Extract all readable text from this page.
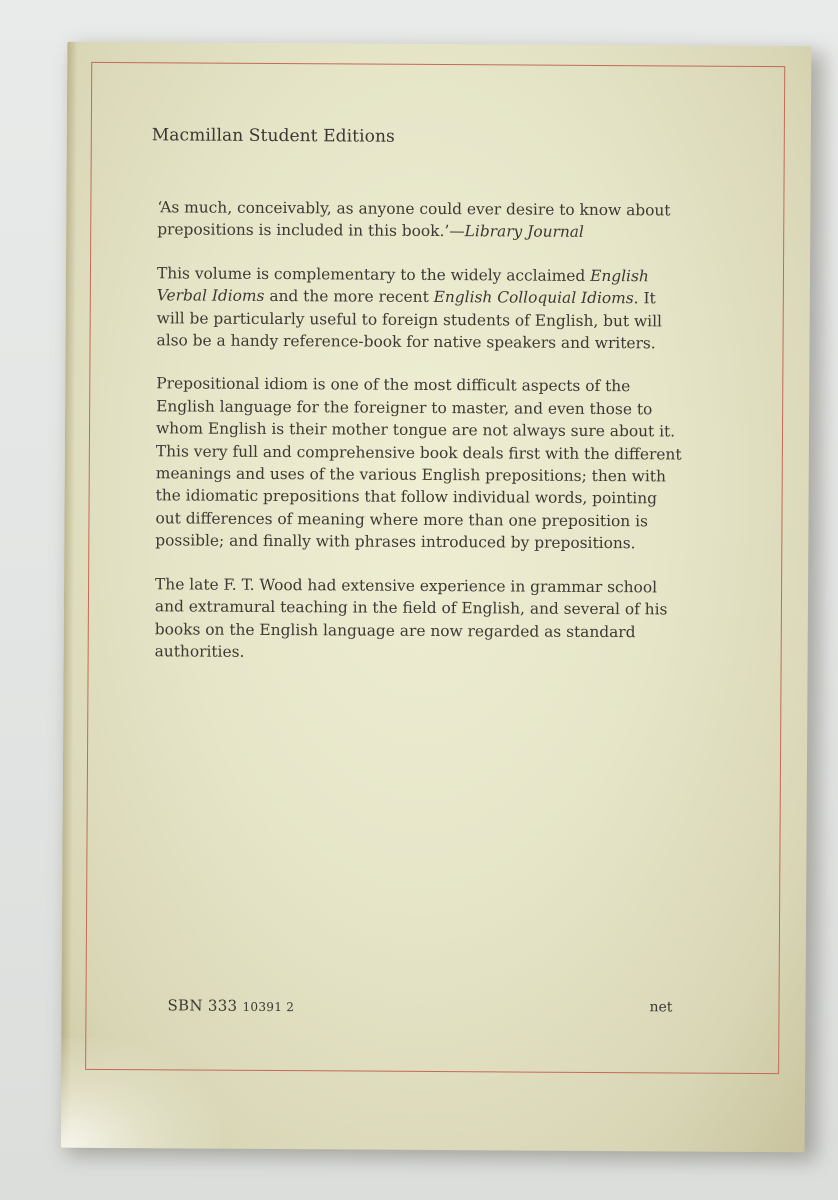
Macmillan Student Editions

‘As much, conceivably, as anyone could ever desire to know about prepositions is included in this book.’—Library Journal

This volume is complementary to the widely acclaimed English Verbal Idioms and the more recent English Colloquial Idioms. It will be particularly useful to foreign students of English, but will also be a handy reference-book for native speakers and writers.

Prepositional idiom is one of the most difficult aspects of the English language for the foreigner to master, and even those to whom English is their mother tongue are not always sure about it. This very full and comprehensive book deals first with the different meanings and uses of the various English prepositions; then with the idiomatic prepositions that follow individual words, pointing out differences of meaning where more than one preposition is possible; and finally with phrases introduced by prepositions.

The late F. T. Wood had extensive experience in grammar school and extramural teaching in the field of English, and several of his books on the English language are now regarded as standard authorities.

SBN 333 10391 2	net
